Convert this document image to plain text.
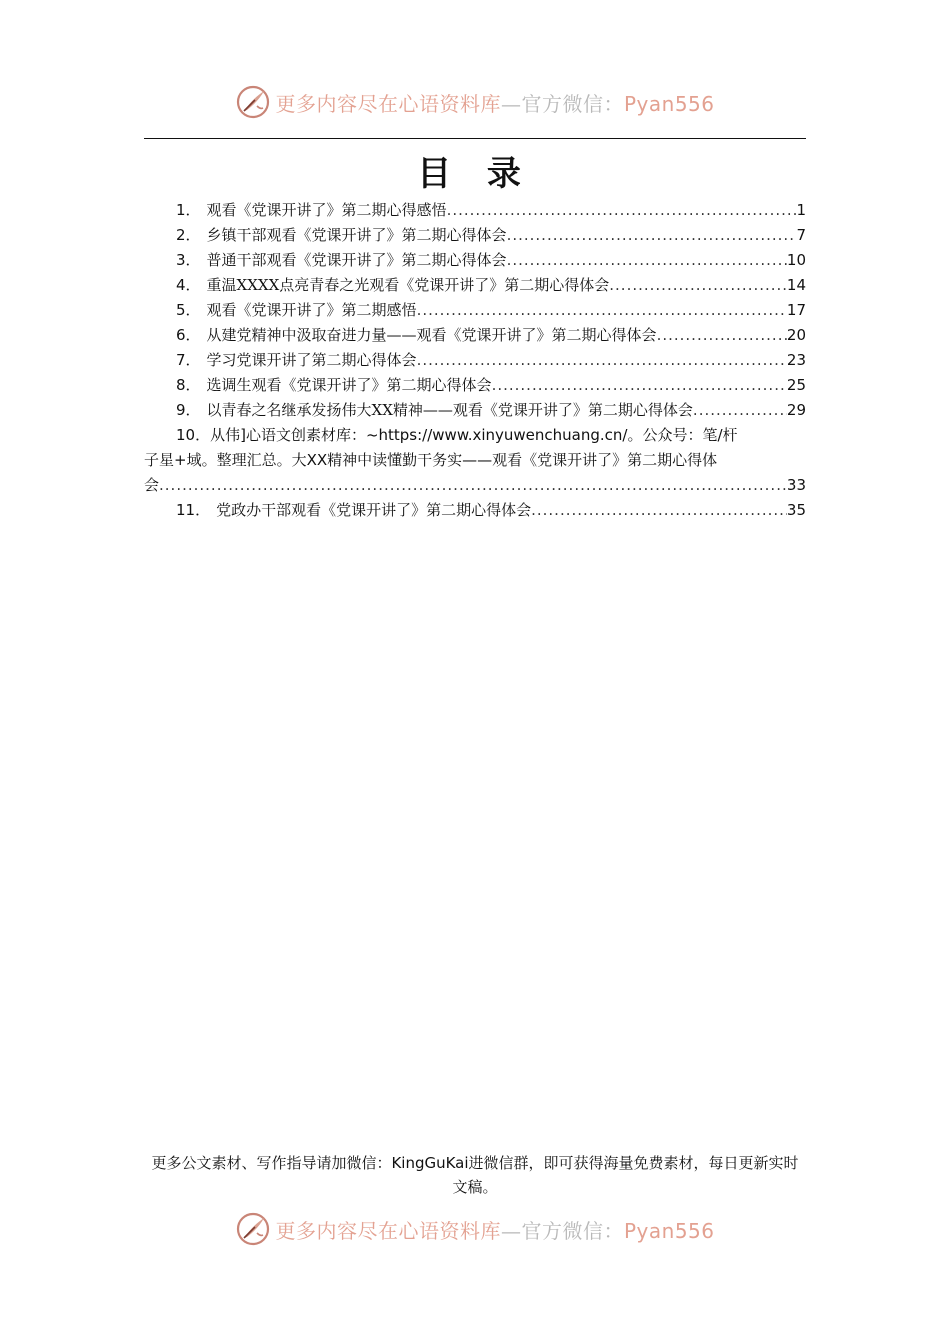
更多内容尽在心语资料库—官方微信：Pyan556
目 录
1． 观看《党课开讲了》第二期心得感悟 .....	1
2． 乡镇干部观看《党课开讲了》第二期心得体会 .....	7
3． 普通干部观看《党课开讲了》第二期心得体会 .....	10
4． 重温XXXX点亮青春之光观看《党课开讲了》第二期心得体会 .....	14
5． 观看《党课开讲了》第二期感悟 .....	17
6． 从建党精神中汲取奋进力量——观看《党课开讲了》第二期心得体会 .....	20
7． 学习党课开讲了第二期心得体会 .....	23
8． 选调生观看《党课开讲了》第二期心得体会 .....	25
9． 以青春之名继承发扬伟大XX精神——观看《党课开讲了》第二期心得体会 .....	29
10．从伟]心语文创素材库：~https://www.xinyuwenchuang.cn/。公众号：笔/杆
子星+域。整理汇总。大XX精神中读懂勤干务实——观看《党课开讲了》第二期心得体
会 .....	33
11． 党政办干部观看《党课开讲了》第二期心得体会 .....	35
更多公文素材、写作指导请加微信：KingGuKai进微信群，即可获得海量免费素材，每日更新实时文稿。
更多内容尽在心语资料库—官方微信：Pyan556
